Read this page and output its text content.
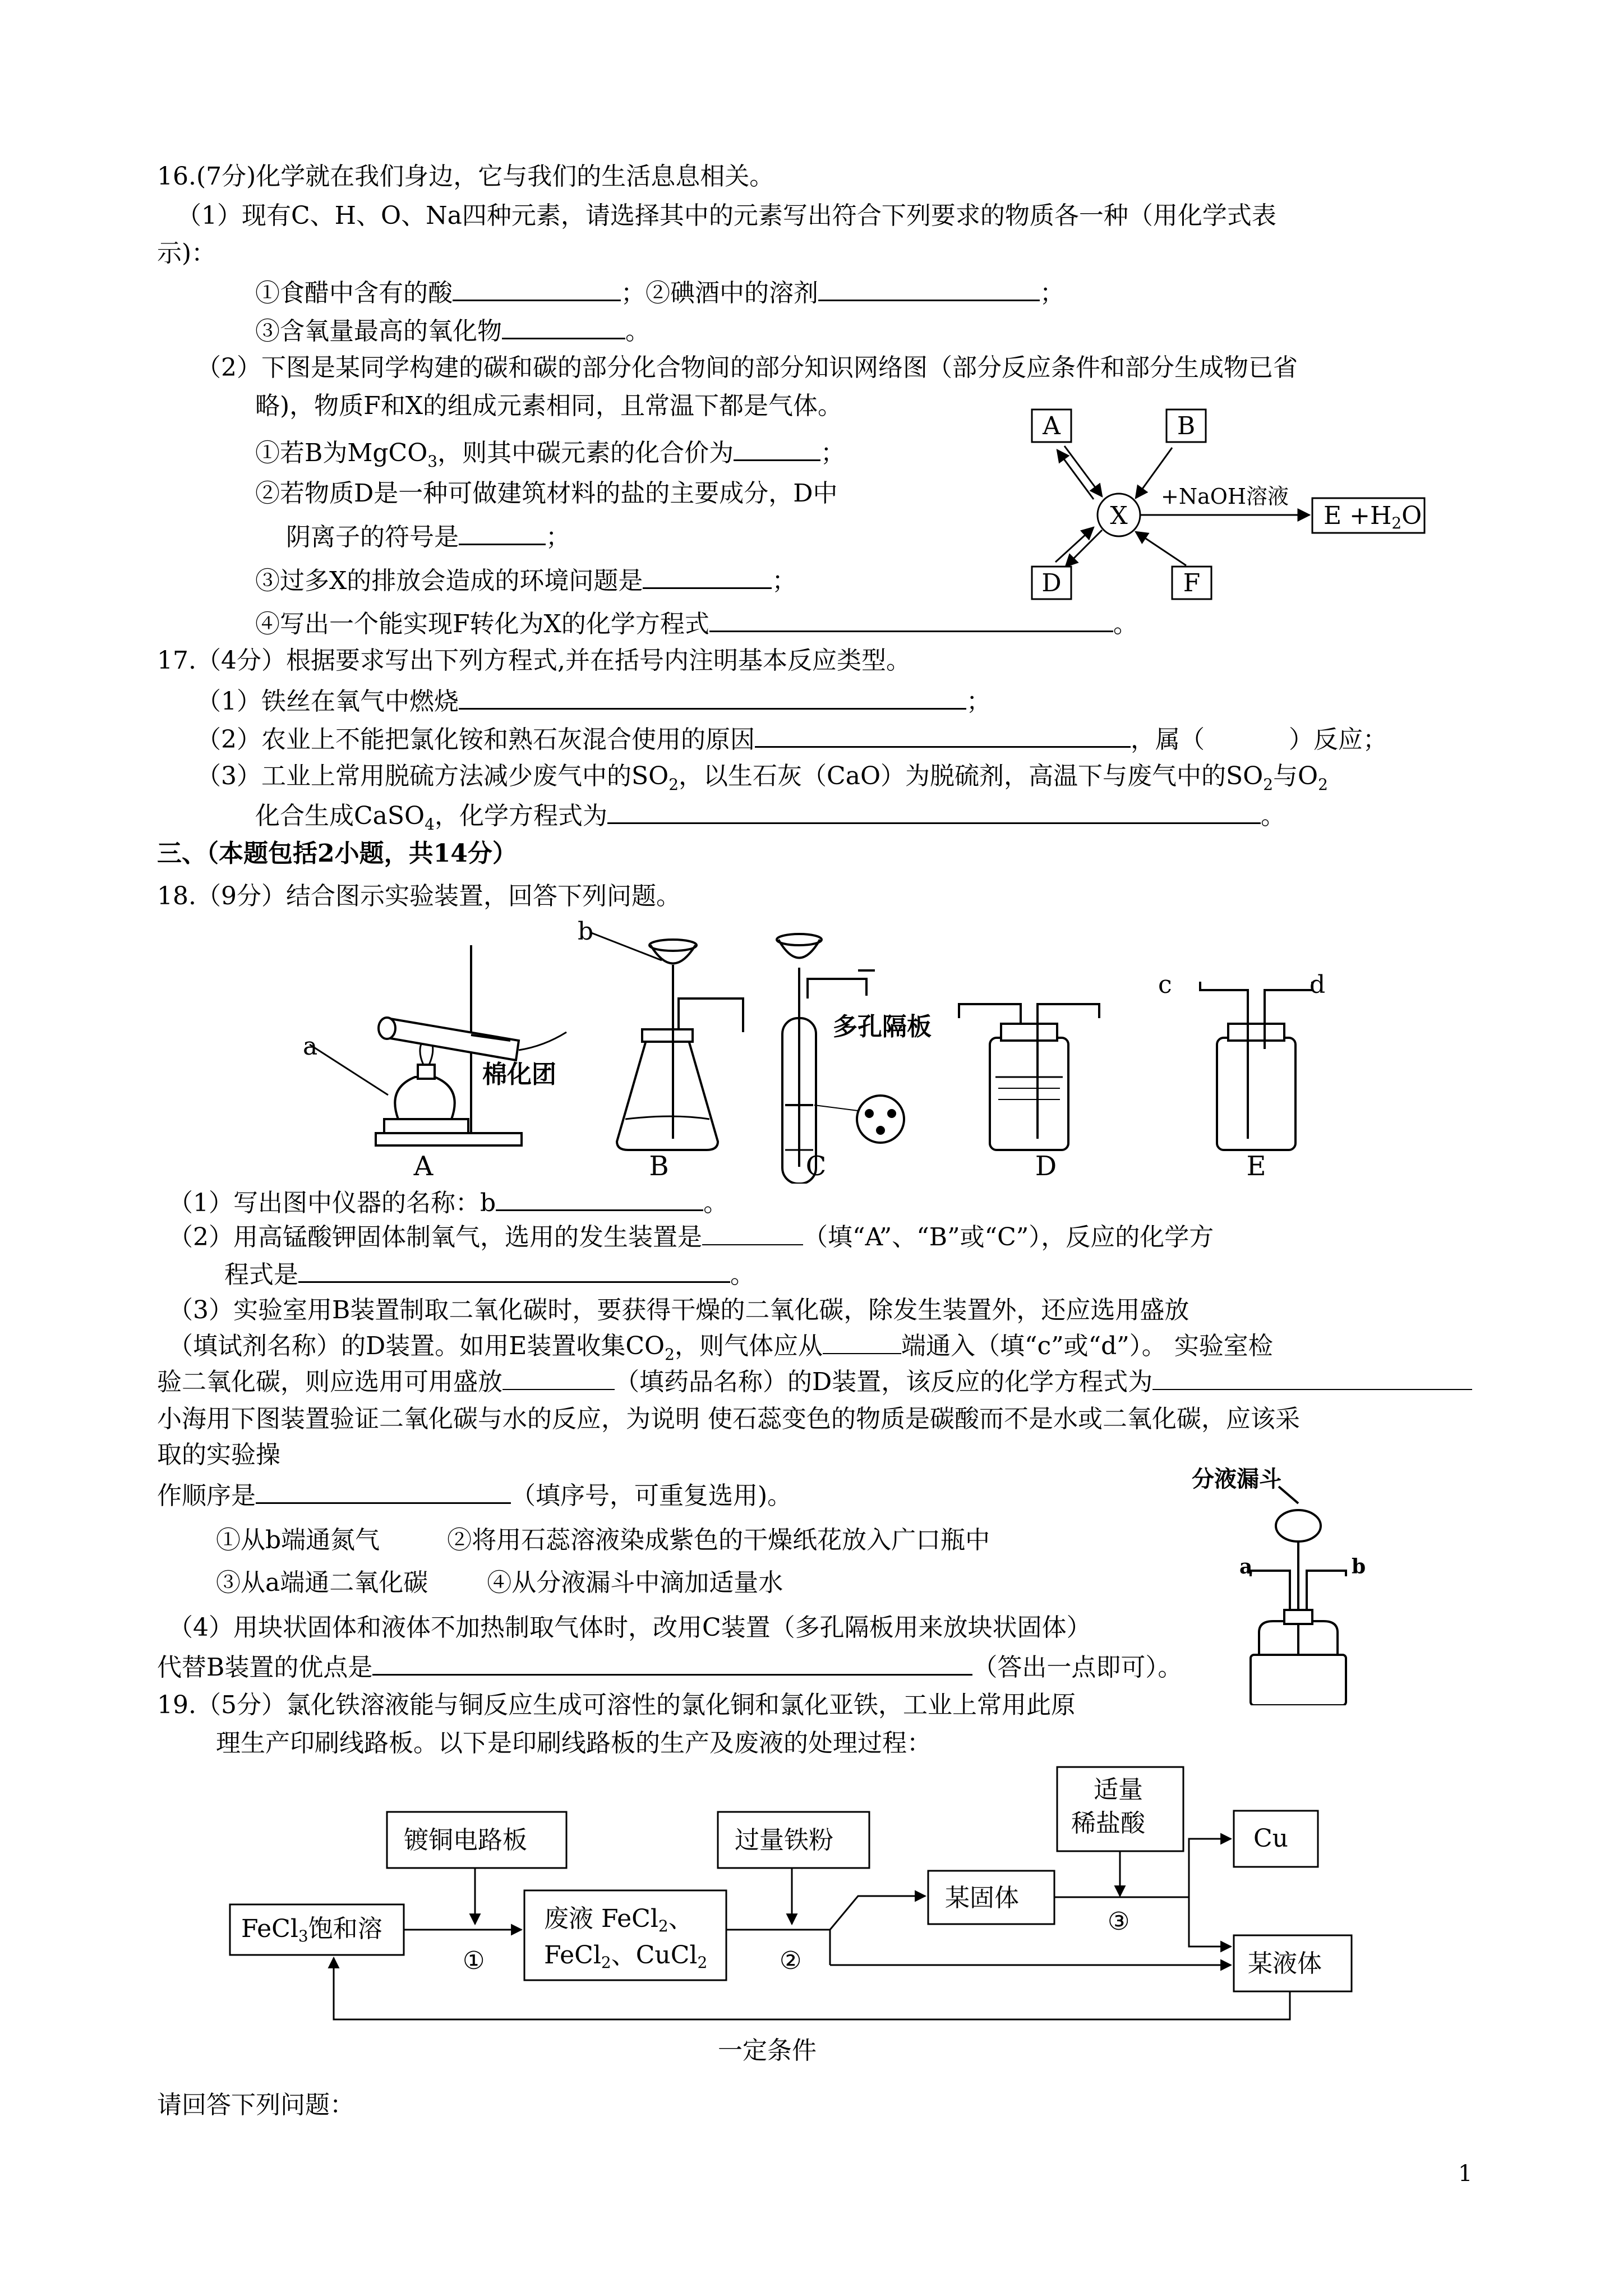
16.(7分)化学就在我们身边，它与我们的生活息息相关。
（1）现有C、H、O、Na四种元素，请选择其中的元素写出符合下列要求的物质各一种（用化学式表
示)：
①食醋中含有的酸	；②碘酒中的溶剂	；
③含氧量最高的氧化物	。
（2）下图是某同学构建的碳和碳的部分化合物间的部分知识网络图（部分反应条件和部分生成物已省
略)，物质F和X的组成元素相同，且常温下都是气体。
①若B为MgCO$_3$，则其中碳元素的化合价为	；
②若物质D是一种可做建筑材料的盐的主要成分，D中
阴离子的符号是	；
③过多X的排放会造成的环境问题是	；
④写出一个能实现F转化为X的化学方程式	。
A	B
X
D	F
+NaOH溶液
E +H2O
17.（4分）根据要求写出下列方程式,并在括号内注明基本反应类型。
（1）铁丝在氧气中燃烧	；
（2）农业上不能把氯化铵和熟石灰混合使用的原因	，属（	）反应；
（3）工业上常用脱硫方法减少废气中的$SO_2$，以生石灰（CaO）为脱硫剂，高温下与废气中的$SO_2$与$O_2$
化合生成CaSO$_4$，化学方程式为	。
三、（本题包括2小题，共14分）
18.（9分）结合图示实验装置，回答下列问题。
a
棉化团
b
多孔隔板
c	d
A	B	C	D	E
（1）写出图中仪器的名称：b	。
（2）用高锰酸钾固体制氧气，选用的发生装置是	（填“A”、“B”或“C”），反应的化学方
程式是	。
（3）实验室用B装置制取二氧化碳时，要获得干燥的二氧化碳，除发生装置外，还应选用盛放
（填试剂名称）的D装置。如用E装置收集$CO_2$，则气体应从	端通入（填“c”或“d”）。 实验室检
验二氧化碳，则应选用可用盛放	（填药品名称）的D装置，该反应的化学方程式为
小海用下图装置验证二氧化碳与水的反应，为说明 使石蕊变色的物质是碳酸而不是水或二氧化碳，应该采
取的实验操
作顺序是	（填序号，可重复选用)。
①从b端通氮气	②将用石蕊溶液染成紫色的干燥纸花放入广口瓶中
③从a端通二氧化碳 ④从分液漏斗中滴加适量水
（4）用块状固体和液体不加热制取气体时，改用C装置（多孔隔板用来放块状固体）
代替B装置的优点是	（答出一点即可）。
分液漏斗
a	b
19.（5分）氯化铁溶液能与铜反应生成可溶性的氯化铜和氯化亚铁，工业上常用此原
理生产印刷线路板。以下是印刷线路板的生产及废液的处理过程：
FeCl3饱和溶
镀铜电路板
废液 FeCl2、
FeCl2、CuCl2
过量铁粉
某固体
适量
稀盐酸
Cu
某液体
①	②
③
一定条件
请回答下列问题：
1
